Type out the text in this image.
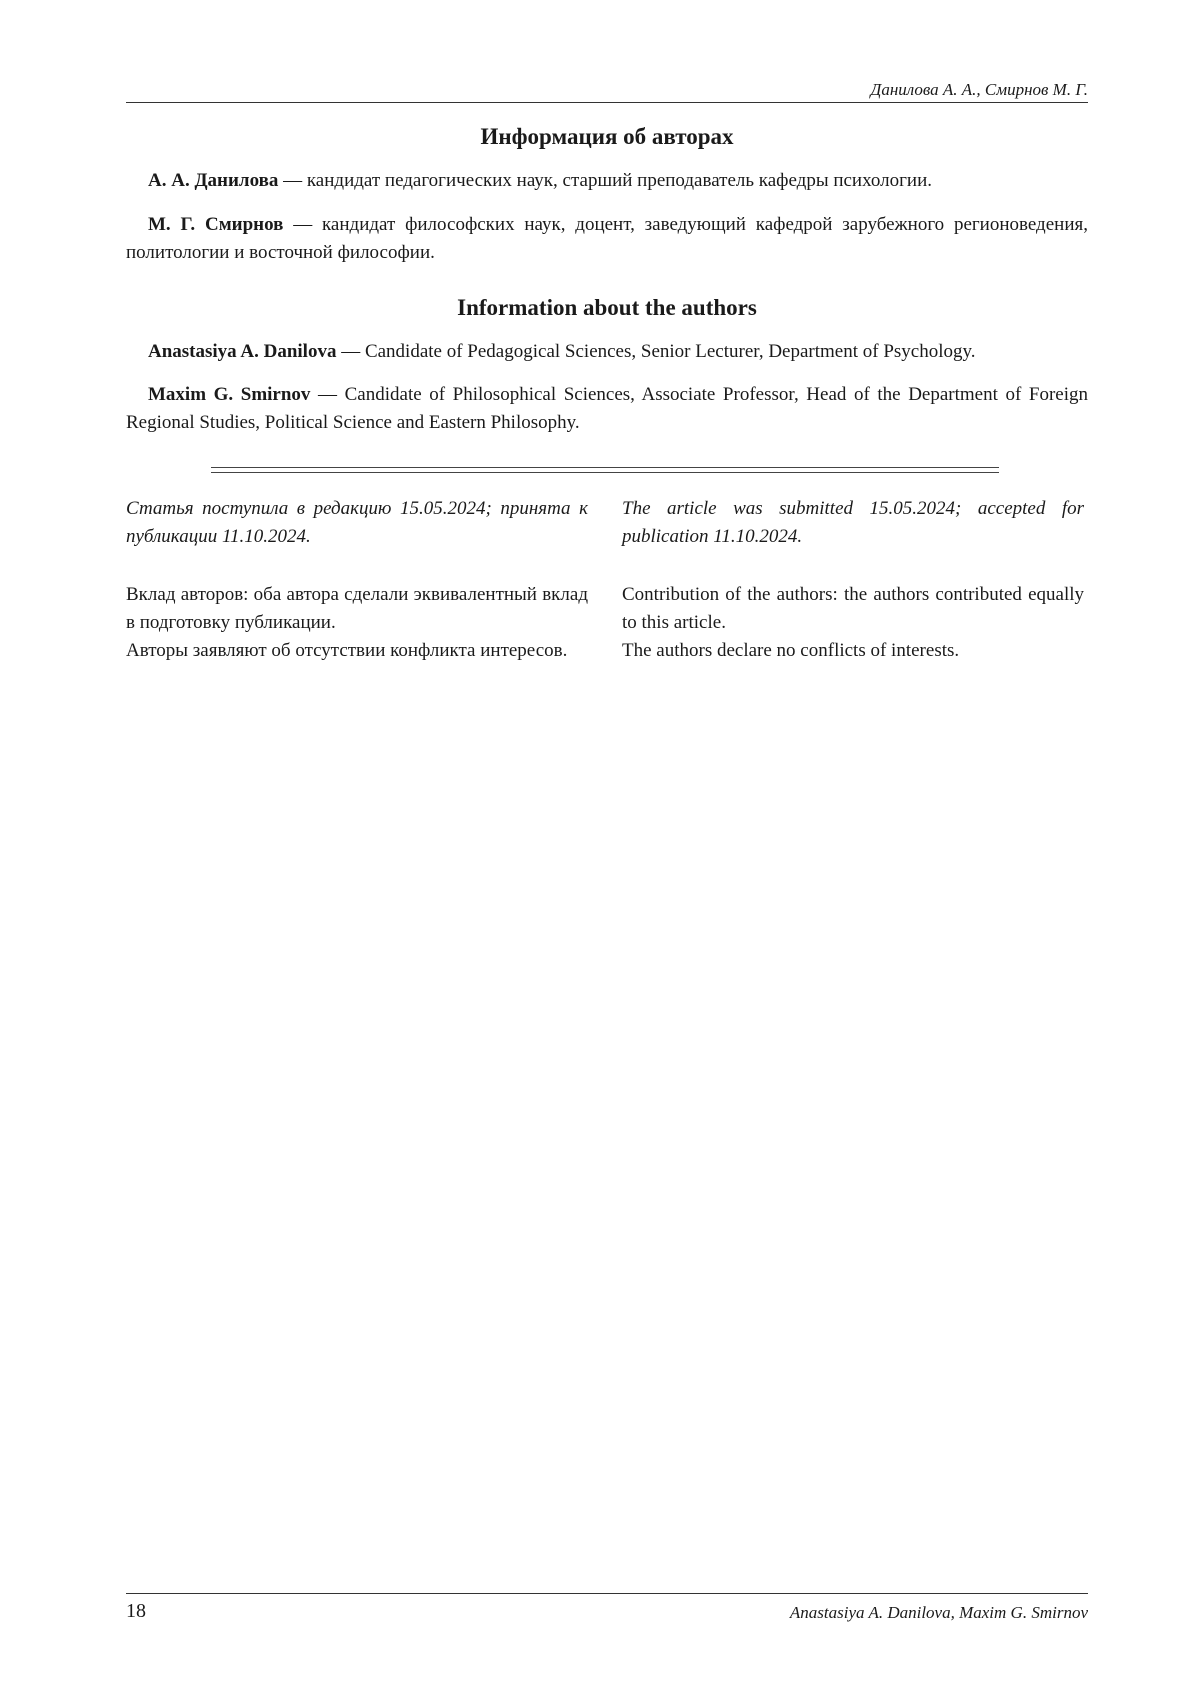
Данилова А. А., Смирнов М. Г.
Информация об авторах
А. А. Данилова — кандидат педагогических наук, старший преподаватель кафедры психологии.
М. Г. Смирнов — кандидат философских наук, доцент, заведующий кафедрой зарубежного регионоведения, политологии и восточной философии.
Information about the authors
Anastasiya A. Danilova — Candidate of Pedagogical Sciences, Senior Lecturer, Department of Psychology.
Maxim G. Smirnov — Candidate of Philosophical Sciences, Associate Professor, Head of the Department of Foreign Regional Studies, Political Science and Eastern Philosophy.
Статья поступила в редакцию 15.05.2024; принята к публикации 11.10.2024.
The article was submitted 15.05.2024; accepted for publication 11.10.2024.
Вклад авторов: оба автора сделали эквивалентный вклад в подготовку публикации.
Авторы заявляют об отсутствии конфликта интересов.
Contribution of the authors: the authors contributed equally to this article.
The authors declare no conflicts of interests.
18	Anastasiya A. Danilova, Maxim G. Smirnov
